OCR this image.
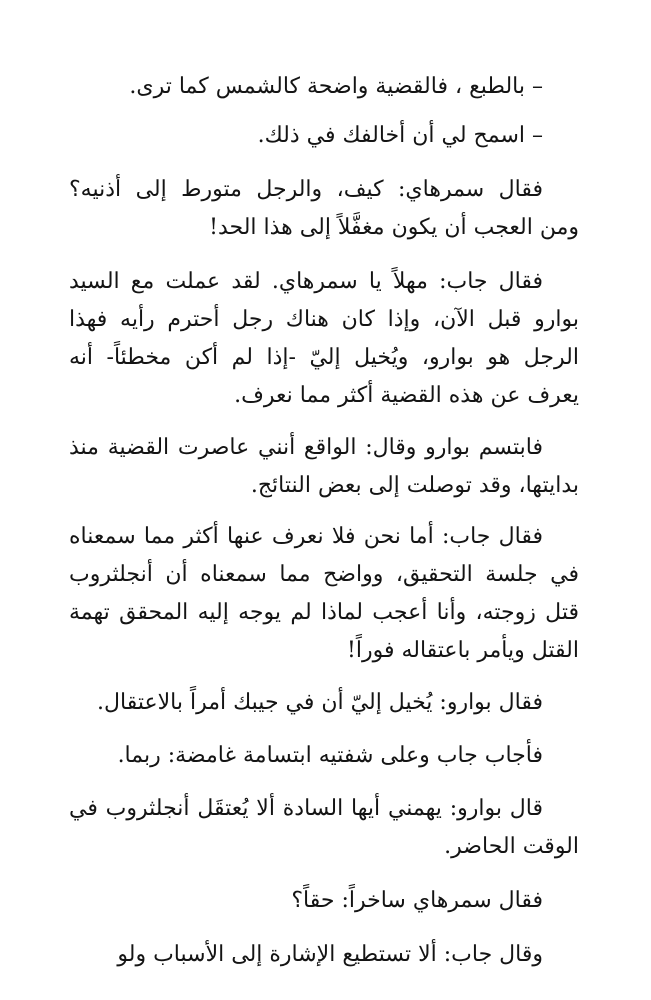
– بالطبع ، فالقضية واضحة كالشمس كما ترى.

– اسمح لي أن أخالفك في ذلك.

فقال سمرهاي: كيف، والرجل متورط إلى أذنيه؟ ومن العجب أن يكون مغفَّلاً إلى هذا الحد!

فقال جاب: مهلاً يا سمرهاي. لقد عملت مع السيد بوارو قبل الآن، وإذا كان هناك رجل أحترم رأيه فهذا الرجل هو بوارو، ويُخيل إليّ -إذا لم أكن مخطئاً- أنه يعرف عن هذه القضية أكثر مما نعرف.

فابتسم بوارو وقال: الواقع أنني عاصرت القضية منذ بدايتها، وقد توصلت إلى بعض النتائج.

فقال جاب: أما نحن فلا نعرف عنها أكثر مما سمعناه في جلسة التحقيق، وواضح مما سمعناه أن أنجلثروب قتل زوجته، وأنا أعجب لماذا لم يوجه إليه المحقق تهمة القتل ويأمر باعتقاله فوراً!

فقال بوارو: يُخيل إليّ أن في جيبك أمراً بالاعتقال.

فأجاب جاب وعلى شفتيه ابتسامة غامضة: ربما.

قال بوارو: يهمني أيها السادة ألا يُعتقَل أنجلثروب في الوقت الحاضر.

فقال سمرهاي ساخراً: حقاً؟

وقال جاب: ألا تستطيع الإشارة إلى الأسباب ولو
